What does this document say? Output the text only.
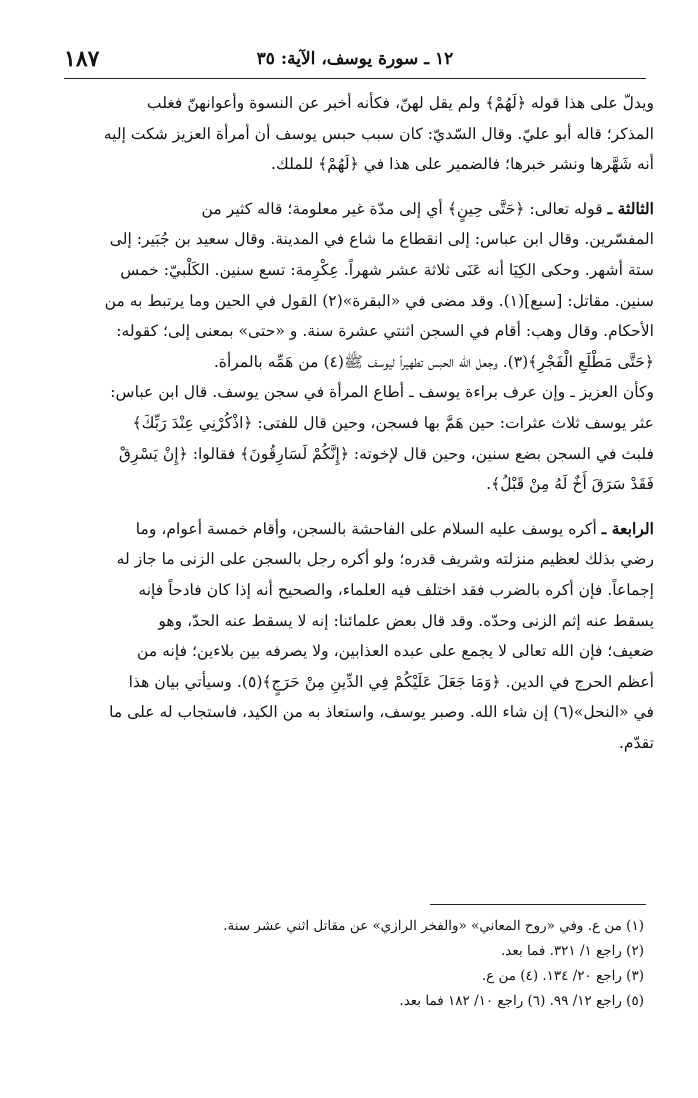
١٨٧	١٢ ـ سورة يوسف، الآية: ٣٥

ويدلّ على هذا قوله ﴿لَهُمْ﴾ ولم يقل لهنّ، فكأنه أخبر عن النسوة وأعوانهنّ فغلب
المذكر؛ قاله أبو عليّ. وقال السّديّ: كان سبب حبس يوسف أن أمرأة العزيز شكت إليه
أنه شَهَّرها ونشر خبرها؛ فالضمير على هذا في ﴿لَهُمْ﴾ للملك.

الثالثة ـ قوله تعالى: ﴿حَتَّى حِينٍ﴾ أي إلى مدّة غير معلومة؛ قاله كثير من
المفسّرين. وقال ابن عباس: إلى انقطاع ما شاع في المدينة. وقال سعيد بن جُبَير: إلى
ستة أشهر. وحكى الكِيَا أنه عَنَى ثلاثة عشر شهراً. عِكْرِمة: تسع سنين. الكَلْبيّ: خمس
سنين. مقاتل: [سبع](١). وقد مضى في «البقرة»(٢) القول في الحين وما يرتبط به من
الأحكام. وقال وهب: أقام في السجن اثنتي عشرة سنة. و «حتى» بمعنى إلى؛ كقوله:
﴿حَتَّى مَطْلَعِ الْفَجْرِ﴾(٣). وجعل الله الحبس تطهيراً ليوسف ﷺ(٤) من هَمِّه بالمرأة.
وكأن العزيز ـ وإن عرف براءة يوسف ـ أطاع المرأة في سجن يوسف. قال ابن عباس:
عثر يوسف ثلاث عثرات: حين هَمَّ بها فسجن، وحين قال للفتى: ﴿اذْكُرْنِي عِنْدَ رَبِّكَ﴾
فلبث في السجن بضع سنين، وحين قال لإخوته: ﴿إِنَّكُمْ لَسَارِقُونَ﴾ فقالوا: ﴿إِنْ يَسْرِقْ
فَقَدْ سَرَقَ أَخٌ لَهُ مِنْ قَبْلُ﴾.

الرابعة ـ أكره يوسف عليه السلام على الفاحشة بالسجن، وأقام خمسة أعوام، وما
رضي بذلك لعظيم منزلته وشريف قدره؛ ولو أكره رجل بالسجن على الزنى ما جاز له
إجماعاً. فإن أكره بالضرب فقد اختلف فيه العلماء، والصحيح أنه إذا كان فادحاً فإنه
يسقط عنه إثم الزنى وحدّه. وقد قال بعض علمائنا: إنه لا يسقط عنه الحدّ، وهو
ضعيف؛ فإن الله تعالى لا يجمع على عبده العذابين، ولا يصرفه بين بلاءين؛ فإنه من
أعظم الحرج في الدين. ﴿وَمَا جَعَلَ عَلَيْكُمْ فِي الدِّينِ مِنْ حَرَجٍ﴾(٥). وسيأتي بيان هذا
في «النحل»(٦) إن شاء الله. وصبر يوسف، واستعاذ به من الكيد، فاستجاب له على ما
تقدّم.

(١) من ع. وفي «روح المعاني» «والفخر الرازي» عن مقاتل اثني عشر سنة.
(٢) راجع ١/ ٣٢١. فما بعد.
(٣) راجع ٢٠/ ١٣٤. (٤) من ع.
(٥) راجع ١٢/ ٩٩. (٦) راجع ١٠/ ١٨٢ فما بعد.
